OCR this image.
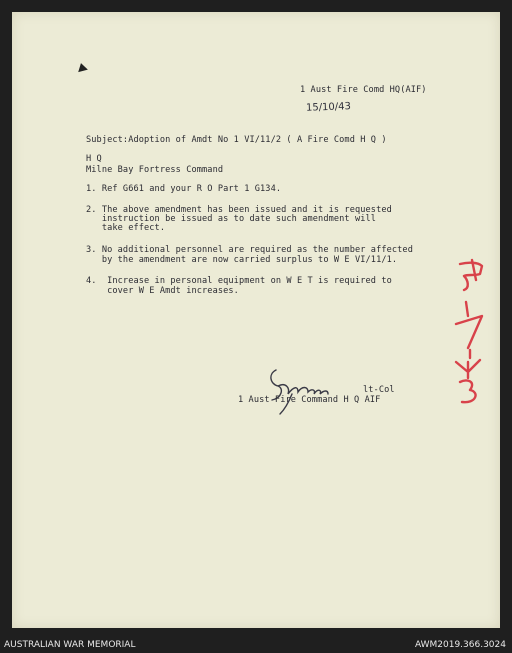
1 Aust Fire Comd HQ(AIF)
15/10/43
Subject:Adoption of Amdt No 1 VI/11/2 ( A Fire Comd H Q )
H Q
Milne Bay Fortress Command
1. Ref G661 and your R O Part 1 G134.
2. The above amendment has been issued and it is requested
instruction be issued as to date such amendment will
take effect.
3. No additional personnel are required as the number affected
by the amendment are now carried surplus to W E VI/11/1.
4.  Increase in personal equipment on W E T is required to
cover W E Amdt increases.
lt-Col
1 Aust Fire Command H Q AIF
AUSTRALIAN WAR MEMORIAL	AWM2019.366.3024
